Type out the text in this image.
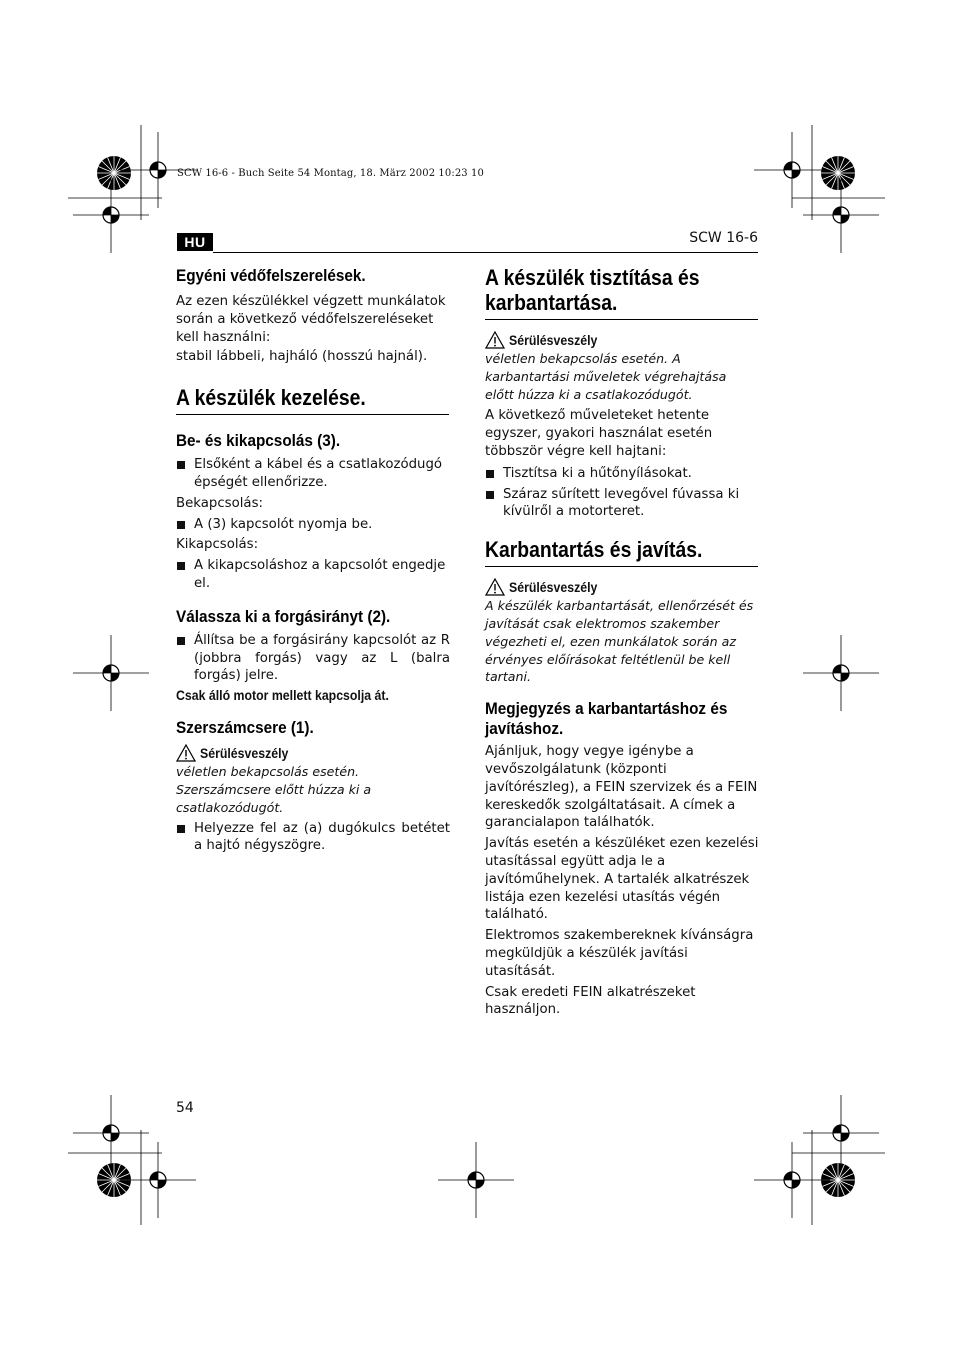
SCW 16-6 - Buch Seite 54 Montag, 18. März 2002 10:23 10
HU	SCW 16-6

Egyéni védőfelszerelések.

Az ezen készülékkel végzett munkálatok során a következő védőfelszereléseket kell használni:

stabil lábbeli, hajháló (hosszú hajnál).

A készülék kezelése.

Be- és kikapcsolás (3).

Elsőként a kábel és a csatlakozódugó épségét ellenőrizze.

Bekapcsolás:

A (3) kapcsolót nyomja be.

Kikapcsolás:

A kikapcsoláshoz a kapcsolót engedje el.

Válassza ki a forgásirányt (2).

Állítsa be a forgásirány kapcsolót az R (jobbra forgás) vagy az L (balra forgás) jelre.

Csak álló motor mellett kapcsolja át.

Szerszámcsere (1).

Sérülésveszély

véletlen bekapcsolás esetén. Szerszámcsere előtt húzza ki a csatlakozódugót.

Helyezze fel az (a) dugókulcs betétet a hajtó négyszögre.

A készülék tisztítása és karbantartása.

Sérülésveszély

véletlen bekapcsolás esetén. A karbantartási műveletek végrehajtása előtt húzza ki a csatlakozódugót.

A következő műveleteket hetente egyszer, gyakori használat esetén többször végre kell hajtani:

Tisztítsa ki a hűtőnyílásokat.
Száraz sűrített levegővel fúvassa ki kívülről a motorteret.

Karbantartás és javítás.

Sérülésveszély

A készülék karbantartását, ellenőrzését és javítását csak elektromos szakember végezheti el, ezen munkálatok során az érvényes előírásokat feltétlenül be kell tartani.

Megjegyzés a karbantartáshoz és javításhoz.

Ajánljuk, hogy vegye igénybe a vevőszolgálatunk (központi javítórészleg), a FEIN szervizek és a FEIN kereskedők szolgáltatásait. A címek a garancialapon találhatók.

Javítás esetén a készüléket ezen kezelési utasítással együtt adja le a javítóműhelynek. A tartalék alkatrészek listája ezen kezelési utasítás végén található.

Elektromos szakembereknek kívánságra megküldjük a készülék javítási utasítását.

Csak eredeti FEIN alkatrészeket használjon.

54
